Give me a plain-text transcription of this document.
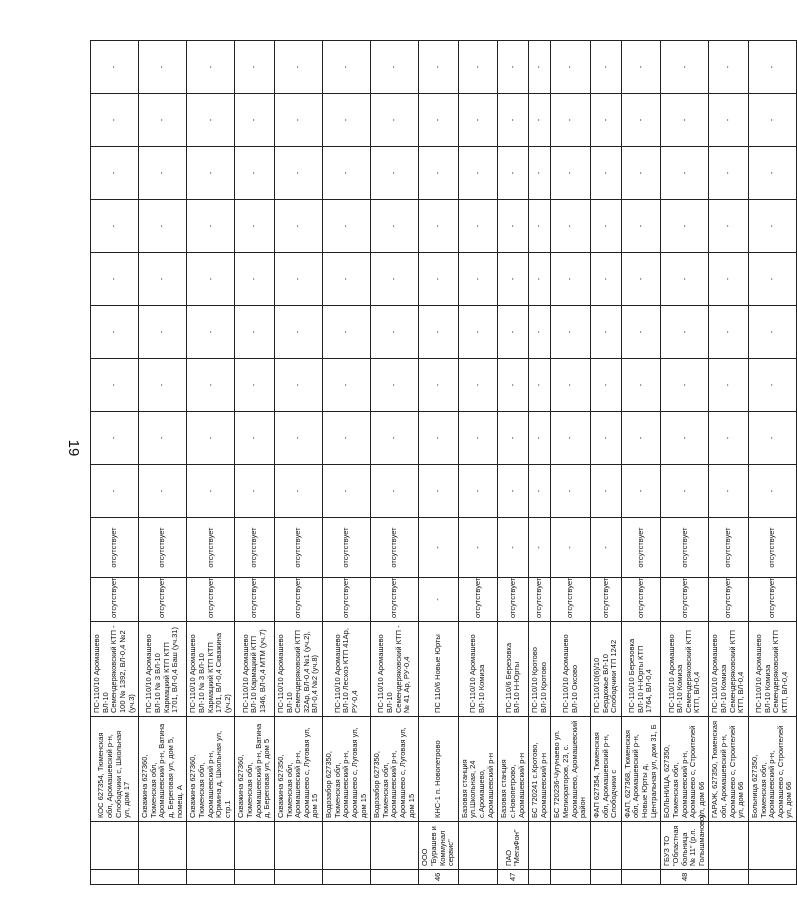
19
		КОС 627354, Тюменская обл, Аромашевский р-н, Слободчики с, Школьная ул, дом 17	ПС-110/10 Аромашево ВЛ-10 Семендеряковский КТП - 100 № 1392, ВЛ-0,4 №2 (уч.3)	отсутствует	отсутствует	-	-	-	-	-	-	-	-	-
		Скважина 627360, Тюменская обл, Аромашевский р-н, Ватина д, Береговая ул, дом 5, помещ. А	ПС-110/10 Аромашево ВЛ-10 № 3 ВЛ-10 Кармацкий КТП КТП 1701, ВЛ-0,4 Баш (уч.31)	отсутствует	отсутствует	-	-	-	-	-	-	-	-	-
		Скважина 627360, Тюменская обл, Аромашевский р-н, Юрмина д, Школьная ул, стр.1	ПС-110/10 Аромашево ВЛ-10 № 3 ВЛ-10 Кармацкий КТП КТП 1701, ВЛ-0,4 Скважина (уч.2)	отсутствует	отсутствует	-	-	-	-	-	-	-	-	-
		Скважина 627360, Тюменская обл, Аромашевский р-н, Ватина д, Береговая ул, дом 5	ПС-110/10 Аромашево ВЛ-10 Кармацкий КТП 1346, ВЛ-0,4 МТМ (уч.7)	отсутствует	отсутствует	-	-	-	-	-	-	-	-	-
		Скважина 627350, Тюменская обл, Аромашевский р-н, Аромашево с, Луговая ул, дом 15	ПС-110/10 Аромашево ВЛ-10 Семендеряковский КТП 32Ар, ВЛ-0,4 №1 (уч.2), ВЛ-0,4 №2 (уч.8)	отсутствует	отсутствует	-	-	-	-	-	-	-	-	-
		Водозабор 627350, Тюменская обл, Аромашевский р-н, Аромашево с, Луговая ул, дом 15	ПС-110/10 Аромашево ВЛ-10 Лесхоз КТП 41Ар, РУ-0,4	отсутствует	отсутствует	-	-	-	-	-	-	-	-	-
		Водозабор 627350, Тюменская обл, Аромашевский р-н, Аромашево с, Луговая ул, дом 15	ПС-110/10 Аромашево ВЛ-10 Семендеряковский КТП - № 41 Ар, РУ-0,4	отсутствует	отсутствует	-	-	-	-	-	-	-	-	-
46	ООО "Бурашев и Коммунал сервис"	КНС-1 п. Новопетрово	ПС 110/6 Новые Юрты	-	-	-	-	-	-	-	-	-	-	-
		Базовая станция ул.Школьная, 24 с.Аромашево, Аромашевский р-н	ПС-110/10 Аромашево ВЛ-10 Комиза	отсутствует	-	-	-	-	-	-	-	-	-	-
47	ПАО "МегаФон"	Базовая станция с.Новопетрово, Аромашевский р-н	ПС-110/6 Березовка ВЛ-10 Н-Юрты	отсутствует	-	-	-	-	-	-	-	-	-	-
		БС 720241 с.Кротово, Аромашевский р-н	ПС-110/10 Кротово ВЛ-10 Кротово	отсутствует	-	-	-	-	-	-	-	-	-	-
		БС 720236-Чугунаево ул. Мелиораторов, 23, с. Аромашево, Аромашевский район	ПС-110/10 Аромашево ВЛ-10 Оксово	отсутствует	-	-	-	-	-	-	-	-	-	-
		ФАП 627354, Тюменская обл, Аромашевский р-н, Слободчики с	ПС-110/10(6)/10 Бердюжье ВЛ-10 Слободчики ТП 1242	отсутствует	-	-	-	-	-	-	-	-	-	-
		ФАП, 627368, Тюменская обл, Аромашевский р-н, Новые Юрты д, Центральная ул, дом 31, Б	ПС-110/10 Березовка ВЛ-10 Н-Юрты КТП 1764, ВЛ-0,4	отсутствует	отсутствует	-	-	-	-	-	-	-	-	-
48	ГБУЗ ТО "Областная больница № 11" (р.п. Голышманово)	БОЛЬНИЦА, 627350, Тюменская обл, Аромашевский р-н, Аромашево с, Строителей ул, дом 66	ПС-110/10 Аромашево ВЛ-10 Комиза Семендеряковский КТП КТП, ВЛ-0,4	отсутствует	отсутствует	-	-	-	-	-	-	-	-	-
		ГАРАЖ, 627350, Тюменская обл, Аромашевский р-н, Аромашево с, Строителей ул, дом 66	ПС-110/10 Аромашево ВЛ-10 Комиза Семендеряковский КТП КТП, ВЛ-0,4	отсутствует	отсутствует	-	-	-	-	-	-	-	-	-
		Больница 627350, Тюменская обл, Аромашевский р-н, Аромашево с, Строителей ул, дом 66	ПС-110/10 Аромашево ВЛ-10 Комиза Семендеряковский КТП КТП, ВЛ-0,4	отсутствует	отсутствует	-	-	-	-	-	-	-	-	-
